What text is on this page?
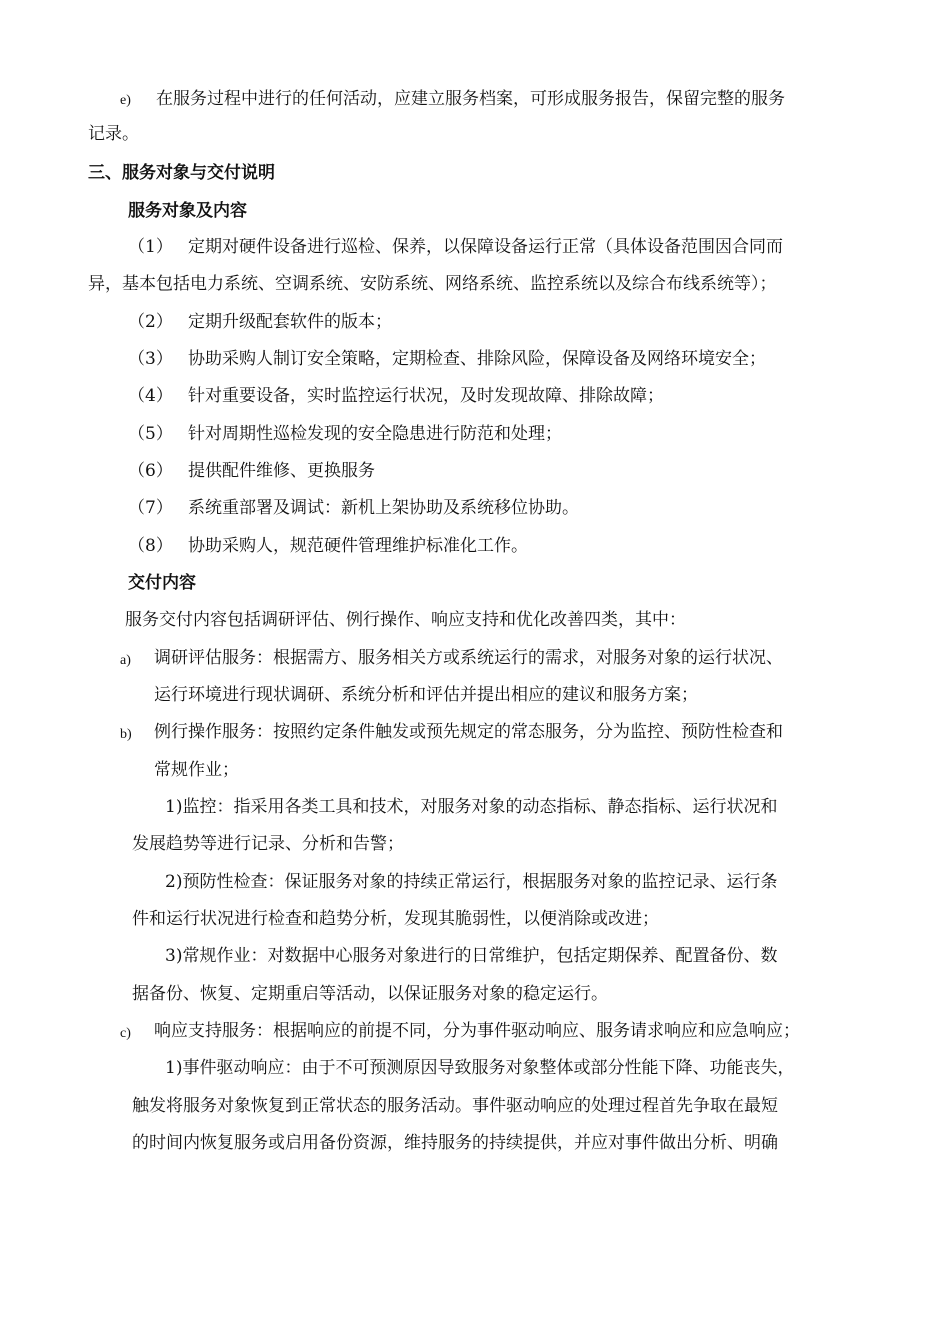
e) 在服务过程中进行的任何活动，应建立服务档案，可形成服务报告，保留完整的服务
记录。
三、服务对象与交付说明
服务对象及内容
（1） 定期对硬件设备进行巡检、保养，以保障设备运行正常（具体设备范围因合同而
异，基本包括电力系统、空调系统、安防系统、网络系统、监控系统以及综合布线系统等）；
（2） 定期升级配套软件的版本；
（3） 协助采购人制订安全策略，定期检查、排除风险，保障设备及网络环境安全；
（4） 针对重要设备，实时监控运行状况，及时发现故障、排除故障；
（5） 针对周期性巡检发现的安全隐患进行防范和处理；
（6） 提供配件维修、更换服务
（7） 系统重部署及调试：新机上架协助及系统移位协助。
（8） 协助采购人，规范硬件管理维护标准化工作。
交付内容
服务交付内容包括调研评估、例行操作、响应支持和优化改善四类，其中：
a) 调研评估服务：根据需方、服务相关方或系统运行的需求，对服务对象的运行状况、
运行环境进行现状调研、系统分析和评估并提出相应的建议和服务方案；
b) 例行操作服务：按照约定条件触发或预先规定的常态服务，分为监控、预防性检查和
常规作业；
1)监控：指采用各类工具和技术，对服务对象的动态指标、静态指标、运行状况和
发展趋势等进行记录、分析和告警；
2)预防性检查：保证服务对象的持续正常运行，根据服务对象的监控记录、运行条
件和运行状况进行检查和趋势分析，发现其脆弱性，以便消除或改进；
3)常规作业：对数据中心服务对象进行的日常维护，包括定期保养、配置备份、数
据备份、恢复、定期重启等活动，以保证服务对象的稳定运行。
c) 响应支持服务：根据响应的前提不同，分为事件驱动响应、服务请求响应和应急响应；
1)事件驱动响应：由于不可预测原因导致服务对象整体或部分性能下降、功能丧失，
触发将服务对象恢复到正常状态的服务活动。事件驱动响应的处理过程首先争取在最短
的时间内恢复服务或启用备份资源，维持服务的持续提供，并应对事件做出分析、明确
